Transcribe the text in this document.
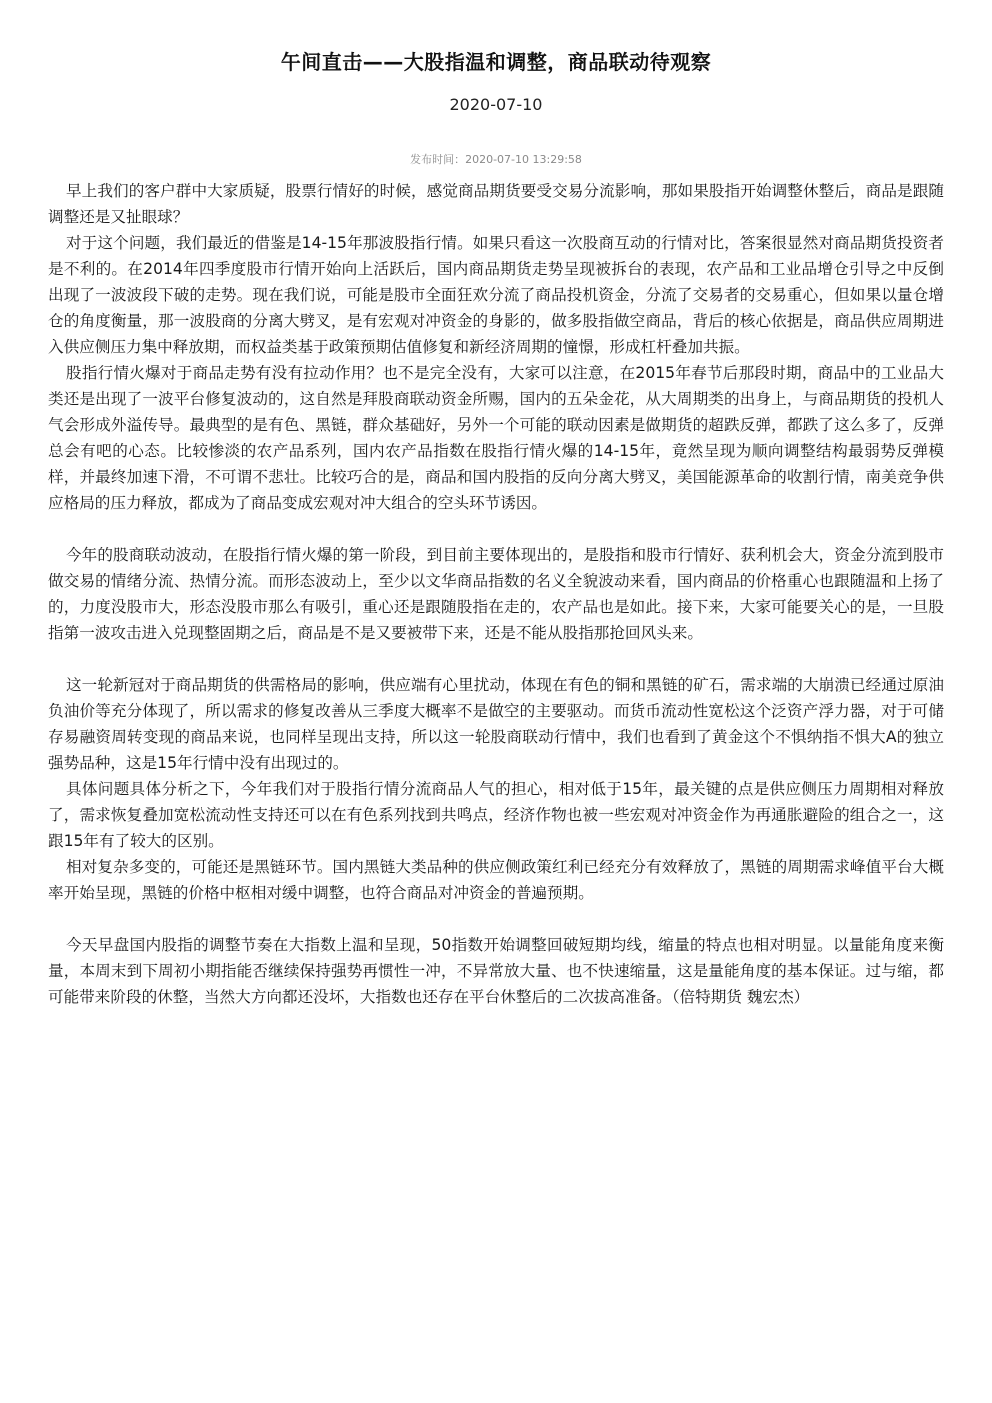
午间直击——大股指温和调整，商品联动待观察
2020-07-10
发布时间：2020-07-10 13:29:58

早上我们的客户群中大家质疑，股票行情好的时候，感觉商品期货要受交易分流影响，那如果股指开始调整休整后，商品是跟随调整还是又扯眼球？

对于这个问题，我们最近的借鉴是14-15年那波股指行情。如果只看这一次股商互动的行情对比，答案很显然对商品期货投资者是不利的。在2014年四季度股市行情开始向上活跃后，国内商品期货走势呈现被拆台的表现，农产品和工业品增仓引导之中反倒出现了一波波段下破的走势。现在我们说，可能是股市全面狂欢分流了商品投机资金，分流了交易者的交易重心，但如果以量仓增仓的角度衡量，那一波股商的分离大劈叉，是有宏观对冲资金的身影的，做多股指做空商品，背后的核心依据是，商品供应周期进入供应侧压力集中释放期，而权益类基于政策预期估值修复和新经济周期的憧憬，形成杠杆叠加共振。

股指行情火爆对于商品走势有没有拉动作用？也不是完全没有，大家可以注意，在2015年春节后那段时期，商品中的工业品大类还是出现了一波平台修复波动的，这自然是拜股商联动资金所赐，国内的五朵金花，从大周期类的出身上，与商品期货的投机人气会形成外溢传导。最典型的是有色、黑链，群众基础好，另外一个可能的联动因素是做期货的超跌反弹，都跌了这么多了，反弹总会有吧的心态。比较惨淡的农产品系列，国内农产品指数在股指行情火爆的14-15年，竟然呈现为顺向调整结构最弱势反弹模样，并最终加速下滑，不可谓不悲壮。比较巧合的是，商品和国内股指的反向分离大劈叉，美国能源革命的收割行情，南美竞争供应格局的压力释放，都成为了商品变成宏观对冲大组合的空头环节诱因。

今年的股商联动波动，在股指行情火爆的第一阶段，到目前主要体现出的，是股指和股市行情好、获利机会大，资金分流到股市做交易的情绪分流、热情分流。而形态波动上，至少以文华商品指数的名义全貌波动来看，国内商品的价格重心也跟随温和上扬了的，力度没股市大，形态没股市那么有吸引，重心还是跟随股指在走的，农产品也是如此。接下来，大家可能要关心的是，一旦股指第一波攻击进入兑现整固期之后，商品是不是又要被带下来，还是不能从股指那抢回风头来。

这一轮新冠对于商品期货的供需格局的影响，供应端有心里扰动，体现在有色的铜和黑链的矿石，需求端的大崩溃已经通过原油负油价等充分体现了，所以需求的修复改善从三季度大概率不是做空的主要驱动。而货币流动性宽松这个泛资产浮力器，对于可储存易融资周转变现的商品来说，也同样呈现出支持，所以这一轮股商联动行情中，我们也看到了黄金这个不惧纳指不惧大A的独立强势品种，这是15年行情中没有出现过的。

具体问题具体分析之下，今年我们对于股指行情分流商品人气的担心，相对低于15年，最关键的点是供应侧压力周期相对释放了，需求恢复叠加宽松流动性支持还可以在有色系列找到共鸣点，经济作物也被一些宏观对冲资金作为再通胀避险的组合之一，这跟15年有了较大的区别。

相对复杂多变的，可能还是黑链环节。国内黑链大类品种的供应侧政策红利已经充分有效释放了，黑链的周期需求峰值平台大概率开始呈现，黑链的价格中枢相对缓中调整，也符合商品对冲资金的普遍预期。

今天早盘国内股指的调整节奏在大指数上温和呈现，50指数开始调整回破短期均线，缩量的特点也相对明显。以量能角度来衡量，本周末到下周初小期指能否继续保持强势再惯性一冲，不异常放大量、也不快速缩量，这是量能角度的基本保证。过与缩，都可能带来阶段的休整，当然大方向都还没坏，大指数也还存在平台休整后的二次拔高准备。（倍特期货 魏宏杰）
